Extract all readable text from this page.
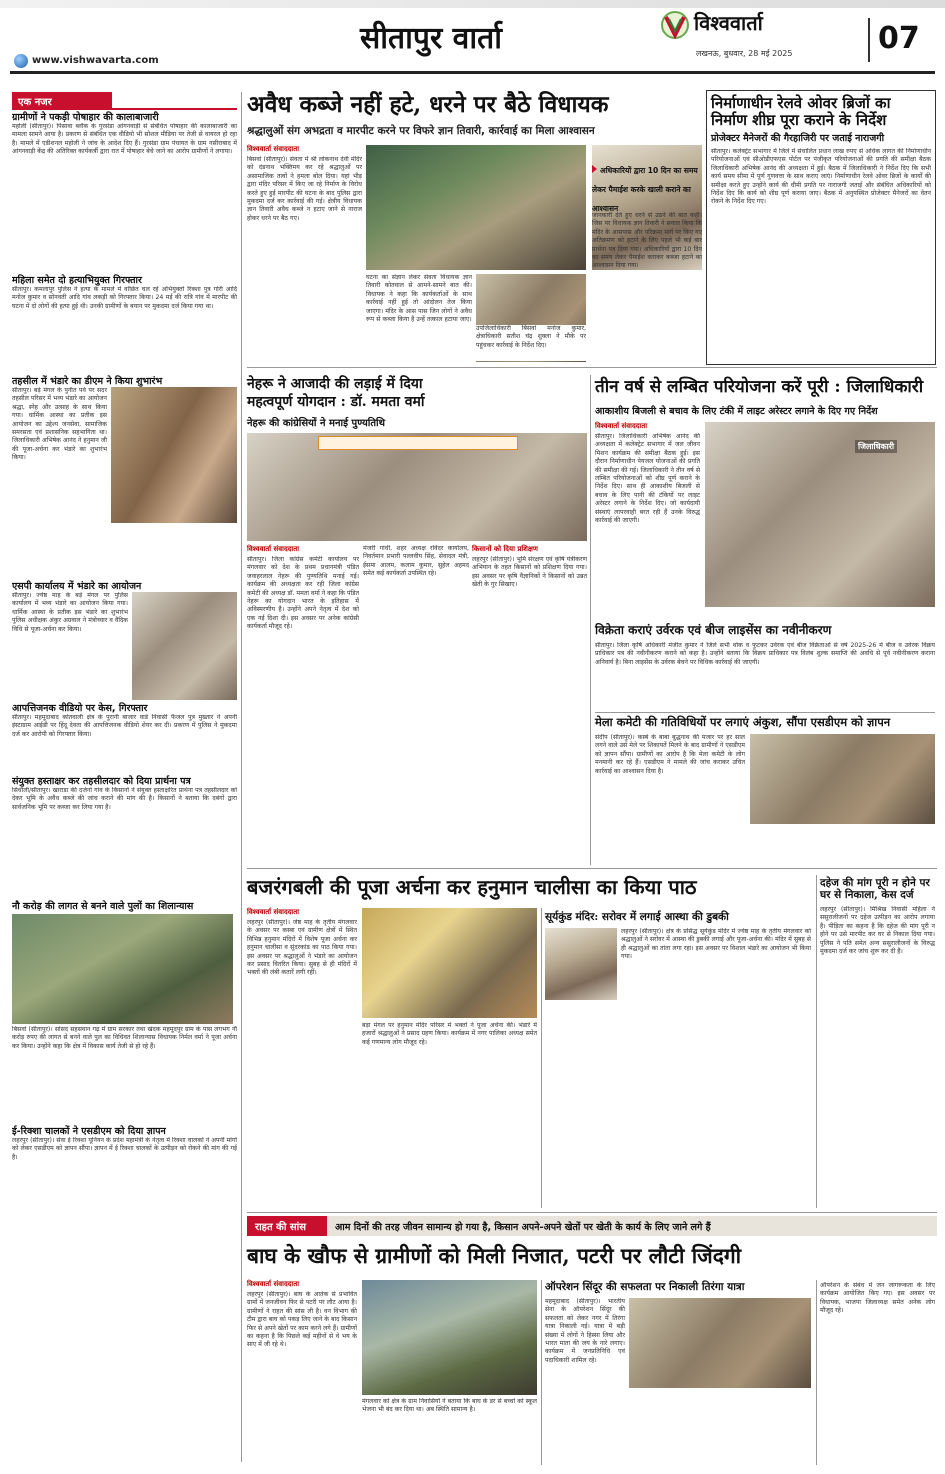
सीतापुर वार्ता	विश्ववार्ता
लखनऊ, बुधवार, 28 मई 2025	07
www.vishwavarta.com
एक नजर
ग्रामीणों ने पकड़ी पोषाहार की कालाबाजारी
महोली (सीतापुर)। पिसावा ब्लॉक के गुरसंडा आंगनवाड़ी से संबंधित पोषाहार की कालाबाजारी का मामला सामने आया है। प्रकरण से संबंधित एक वीडियो भी सोशल मीडिया पर तेजी से वायरल हो रहा है। मामले में एडीशनल महोली ने जांच के आदेश दिए हैं। गुरसंडा ग्राम पंचायत के ग्राम नसीराबाद में आंगनवाड़ी केंद्र की अतिरिक्त कार्यकर्त्री द्वारा रात में पोषाहार बेचे जाने का आरोप ग्रामीणों ने लगाया।
महिला समेत दो हत्याभियुक्त गिरफ्तार
सीतापुर। कमलापुर पुलिस ने हत्या के मामले में वांछित चल रहे अभियुक्तों रिक्शा पुत्र गोरी आदि मनोज कुमार व सोनवती आदि गांव लकड़ी को गिरफ्तार किया। 24 मई की रात्रि गांव में मारपीट की घटना में दो लोगों की हत्या हुई थी। उनकी ग्रामीणों के बयान पर मुकदमा दर्ज किया गया था।
तहसील में भंडारे का डीएम ने किया शुभारंभ
सीतापुर। बड़े मंगल के पुनीत पर्व पर सदर तहसील परिसर में भव्य भंडारे का आयोजन श्रद्धा, स्नेह और उत्साह के साथ किया गया। धार्मिक आस्था का प्रतीक इस आयोजन का उद्देश्य जनसेवा, सामाजिक समरसता एवं प्रशासनिक सहभागिता था। जिलाधिकारी अभिषेक आनंद ने हनुमान जी की पूजा-अर्चना कर भंडारे का शुभारंभ किया।
एसपी कार्यालय में भंडारे का आयोजन
सीतापुर। ज्येष्ठ माह के बड़े मंगल पर पुलिस कार्यालय में भव्य भंडारे का आयोजन किया गया। धार्मिक आस्था के प्रतीक इस भंडारे का शुभारंभ पुलिस अधीक्षक अंकुर अग्रवाल ने मंत्रोच्चार व वैदिक विधि से पूजा-अर्चना कर किया।
आपत्तिजनक वीडियो पर केस, गिरफ्तार
सीतापुर। महमूदाबाद कोतवाली क्षेत्र के पुरानी बाजार वार्ड निवासी फैजल पुत्र मुख्तार ने अपनी इंस्टाग्राम आईडी पर हिंदू देवता की आपत्तिजनक वीडियो शेयर कर दी। प्रकरण में पुलिस ने मुकदमा दर्ज कर आरोपी को गिरफ्तार किया।
संयुक्त हस्ताक्षर कर तहसीलदार को दिया प्रार्थना पत्र
सिधौली/सीतापुर। खाराडा की दर्जनों गांव के किसानों ने संयुक्त हस्ताक्षरित प्रार्थना पत्र तहसीलदार को देकर भूमि के अवैध कब्जे की जांच कराने की मांग की है। किसानों ने बताया कि दबंगों द्वारा सार्वजनिक भूमि पर कब्जा कर लिया गया है।
नौ करोड़ की लागत से बनने वाले पुलों का शिलान्यास
बिसवां (सीतापुर)। सांसद सहसवान गढ़ में ग्राम सरकार तथा खंदक महमूदपुर ग्राम के पास लगभग नौ करोड़ रुपए की लागत से बनने वाले पुल का विधिवत शिलान्यास विधायक निर्मल वर्मा ने पूजा अर्चना कर किया। उन्होंने कहा कि क्षेत्र में विकास कार्य तेजी से हो रहे हैं।
ई-रिक्शा चालकों ने एसडीएम को दिया ज्ञापन
लहरपुर (सीतापुर)। सेवा ई रिक्शा यूनियन के प्रदेश महामंत्री के नेतृत्व में रिक्शा चालकों ने अपनी मांगों को लेकर एसडीएम को ज्ञापन सौंपा। ज्ञापन में ई रिक्शा चालकों के उत्पीड़न को रोकने की मांग की गई है।
अवैध कब्जे नहीं हटे, धरने पर बैठे विधायक
श्रद्धालुओं संग अभद्रता व मारपीट करने पर विफरे ज्ञान तिवारी, कार्रवाई का मिला आश्वासन
विश्ववार्ता संवाददाता
बिसवां (सीतापुर)। सेवता में श्री लोकनाथ देवी मंदिर को दंडनाथ भक्तिमय कर रहे श्रद्धालुओं पर असामाजिक तत्वों ने हमला बोल दिया। यहां भीड़ द्वारा मंदिर परिसर में किए जा रहे निर्माण के विरोध करते हुए हुई मारपीट की घटना के बाद पुलिस द्वारा मुकदमा दर्ज कर कार्रवाई की गई। क्षेत्रीय विधायक ज्ञान तिवारी अवैध कब्जे न हटाए जाने से नाराज होकर धरने पर बैठ गए।
घटना का संज्ञान लेकर सेवता विधायक ज्ञान तिवारी कोतवाल से आमने-सामने बात की। विधायक ने कहा कि कार्यकर्ताओं के साथ कार्रवाई नहीं हुई तो आंदोलन तेज किया जाएगा। मंदिर के आस पास जिन लोगों ने अवैध रूप से कब्जा किया है उन्हें तत्काल हटाया जाए।
अधिकारियों द्वारा 10 दिन का समय लेकर पैमाईश करके खाली कराने का आश्वासन
जानकारी देते हुए धरने से उठने की बात कही। जिस पर विधायक ज्ञान तिवारी ने सवाल किया कि मंदिर के आसपास और परिक्रमा मार्ग पर किए गए अतिक्रमण को हटाने के लिए पहले भी कई बार प्रार्थना पत्र दिया गया। अधिकारियों द्वारा 10 दिन का समय लेकर पैमाईश कराकर कब्जा हटाने का आश्वासन दिया गया।
उपजिलाधिकारी बिसवां मनोज कुमार, क्षेत्राधिकारी सतीश चंद्र शुक्ला ने मौके पर पहुंचकर कार्रवाई के निर्देश दिए।
निर्माणाधीन रेलवे ओवर ब्रिजों का निर्माण शीघ्र पूरा कराने के निर्देश
प्रोजेक्टर मैनेजरों की गैरहाजिरी पर जताई नाराजगी
सीतापुर। कलेक्ट्रेट सभागार में जिले में संचालित प्रधान लाख रुपए से अधिक लागत की निर्माणाधीन परियोजनाओं एवं सीओडीएफएस पोर्टल पर पंजीकृत परियोजनाओं की प्रगति की समीक्षा बैठक जिलाधिकारी अभिषेक आनंद की अध्यक्षता में हुई। बैठक में जिलाधिकारी ने निर्देश दिए कि सभी कार्य समय सीमा में पूर्ण गुणवत्ता के साथ कराए जाएं। निर्माणाधीन रेलवे ओवर ब्रिजों के कार्यों की समीक्षा करते हुए उन्होंने कार्य की धीमी प्रगति पर नाराजगी जताई और संबंधित अधिकारियों को निर्देश दिए कि कार्य को शीघ्र पूर्ण कराया जाए। बैठक में अनुपस्थित प्रोजेक्टर मैनेजरों का वेतन रोकने के निर्देश दिए गए।
नेहरू ने आजादी की लड़ाई में दिया महत्वपूर्ण योगदान : डॉ. ममता वर्मा
नेहरू की कांग्रेसियों ने मनाई पुण्यतिथि
विश्ववार्ता संवाददाता
सीतापुर। जिला कांग्रेस कमेटी कार्यालय पर मंगलवार को देश के प्रथम प्रधानमंत्री पंडित जवाहरलाल नेहरू की पुण्यतिथि मनाई गई। कार्यक्रम की अध्यक्षता कर रही जिला कांग्रेस कमेटी की अध्यक्ष डॉ. ममता वर्मा ने कहा कि पंडित नेहरू का योगदान भारत के इतिहास में अविस्मरणीय है। उन्होंने अपने नेतृत्व में देश को एक नई दिशा दी। इस अवसर पर अनेक कांग्रेसी कार्यकर्ता मौजूद रहे।
मंजरी गांधी, शहर अध्यक्ष रविंदर कार्यालय, निवर्तमान प्रभारी पल्लवीय सिंह, सेवादल मंत्री, ईसमा आलम, कलाम कुमार, सुहेल अहमद समेत कई कार्यकर्ता उपस्थित रहे।
किसानों को दिया प्रशिक्षण
लहरपुर (सीतापुर)। भूमि संरक्षण एवं कृषि यंत्रीकरण अभियान के तहत किसानों को प्रशिक्षण दिया गया। इस अवसर पर कृषि वैज्ञानिकों ने किसानों को उन्नत खेती के गुर सिखाए।
तीन वर्ष से लम्बित परियोजना करें पूरी : जिलाधिकारी
आकाशीय बिजली से बचाव के लिए टंकी में लाइट अरेस्टर लगाने के दिए गए निर्देश
विश्ववार्ता संवाददाता
सीतापुर। जिलाधिकारी अभिषेक आनंद की अध्यक्षता में कलेक्ट्रेट सभागार में जल जीवन मिशन कार्यक्रम की समीक्षा बैठक हुई। इस दौरान निर्माणाधीन पेयजल योजनाओं की प्रगति की समीक्षा की गई। जिलाधिकारी ने तीन वर्ष से लम्बित परियोजनाओं को शीघ्र पूर्ण कराने के निर्देश दिए। साथ ही आकाशीय बिजली से बचाव के लिए पानी की टंकियों पर लाइट अरेस्टर लगाने के निर्देश दिए। जो कार्यदायी संस्थाएं लापरवाही बरत रही हैं उनके विरुद्ध कार्रवाई की जाएगी।
जिलाधिकारी
विक्रेता कराएं उर्वरक एवं बीज लाइसेंस का नवीनीकरण
सीतापुर। जिला कृषि अधिकारी मंजीत कुमार ने जिले सभी थोक व फुटकर उर्वरक एवं बीज विक्रेताओं से वर्ष 2025-26 में बीज व उर्वरक विक्रय प्राधिकार पत्र की नवीनीकरण कराने को कहा है। उन्होंने बताया कि विक्रय प्राधिकार पत्र विलंब शुल्क समाप्ति की अवधि से पूर्व नवीनीकरण कराना अनिवार्य है। बिना लाइसेंस के उर्वरक बेचने पर विधिक कार्रवाई की जाएगी।
मेला कमेटी की गतिविधियों पर लगाएं अंकुश, सौंपा एसडीएम को ज्ञापन
संदीप (सीतापुर)। कस्बे के बाबा बुद्धनाथ की मजार पर हर साल लगने वाले उर्स मेले पर शिकायतें मिलने के बाद ग्रामीणों ने एसडीएम को ज्ञापन सौंपा। ग्रामीणों का आरोप है कि मेला कमेटी के लोग मनमानी कर रहे हैं। एसडीएम ने मामले की जांच कराकर उचित कार्रवाई का आश्वासन दिया है।
बजरंगबली की पूजा अर्चना कर हनुमान चालीसा का किया पाठ
विश्ववार्ता संवाददाता
लहरपुर (सीतापुर)। जेष्ठ माह के तृतीय मंगलवार के अवसर पर कस्बा एवं ग्रामीण क्षेत्रों में स्थित विभिन्न हनुमान मंदिरों में विशेष पूजा अर्चना कर हनुमान चालीसा व सुंदरकांड का पाठ किया गया। इस अवसर पर श्रद्धालुओं ने भंडारे का आयोजन कर प्रसाद वितरित किया। सुबह से ही मंदिरों में भक्तों की लंबी कतारें लगी रहीं।
बड़ा मंगल पर हनुमान मंदिर परिसर में भक्तों ने पूजा अर्चना की। भंडारे में हजारों श्रद्धालुओं ने प्रसाद ग्रहण किया। कार्यक्रम में नगर पालिका अध्यक्ष समेत कई गणमान्य लोग मौजूद रहे।
सूर्यकुंड मंदिर: सरोवर में लगाई आस्था की डुबकी
लहरपुर (सीतापुर)। क्षेत्र के प्रसिद्ध सूर्यकुंड मंदिर में ज्येष्ठ माह के तृतीय मंगलवार को श्रद्धालुओं ने सरोवर में आस्था की डुबकी लगाई और पूजा-अर्चना की। मंदिर में सुबह से ही श्रद्धालुओं का तांता लगा रहा। इस अवसर पर विशाल भंडारे का आयोजन भी किया गया।
दहेज की मांग पूरी न होने पर घर से निकाला, केस दर्ज
लहरपुर (सीतापुर)। मिश्रिख निवासी महिला ने ससुरालीजनों पर दहेज उत्पीड़न का आरोप लगाया है। पीड़िता का कहना है कि दहेज की मांग पूरी न होने पर उसे मारपीट कर घर से निकाल दिया गया। पुलिस ने पति समेत अन्य ससुरालीजनों के विरुद्ध मुकदमा दर्ज कर जांच शुरू कर दी है।
राहत की सांस	आम दिनों की तरह जीवन सामान्य हो गया है, किसान अपने-अपने खेतों पर खेती के कार्य के लिए जाने लगे हैं
बाघ के खौफ से ग्रामीणों को मिली निजात, पटरी पर लौटी जिंदगी
विश्ववार्ता संवाददाता
लहरपुर (सीतापुर)। बाघ के आतंक से प्रभावित ग्रामों में जनजीवन फिर से पटरी पर लौट आया है। ग्रामीणों ने राहत की सांस ली है। वन विभाग की टीम द्वारा बाघ को पकड़ लिए जाने के बाद किसान फिर से अपने खेतों पर काम करने लगे हैं। ग्रामीणों का कहना है कि पिछले कई महीनों से वे भय के साए में जी रहे थे।
मंगलवार को क्षेत्र के ग्राम निवासियों ने बताया कि बाघ के डर से बच्चों को स्कूल भेजना भी बंद कर दिया था। अब स्थिति सामान्य है।
ऑपरेशन सिंदूर की सफलता पर निकाली तिरंगा यात्रा
महमूदाबाद (सीतापुर)। भारतीय सेना के ऑपरेशन सिंदूर की सफलता को लेकर नगर में तिरंगा यात्रा निकाली गई। यात्रा में बड़ी संख्या में लोगों ने हिस्सा लिया और भारत माता की जय के नारे लगाए। कार्यक्रम में जनप्रतिनिधि एवं पदाधिकारी शामिल रहे।
ऑपरेशन के संबंध में जन जागरूकता के लिए कार्यक्रम आयोजित किए गए। इस अवसर पर विधायक, भाजपा जिलाध्यक्ष समेत अनेक लोग मौजूद रहे।
